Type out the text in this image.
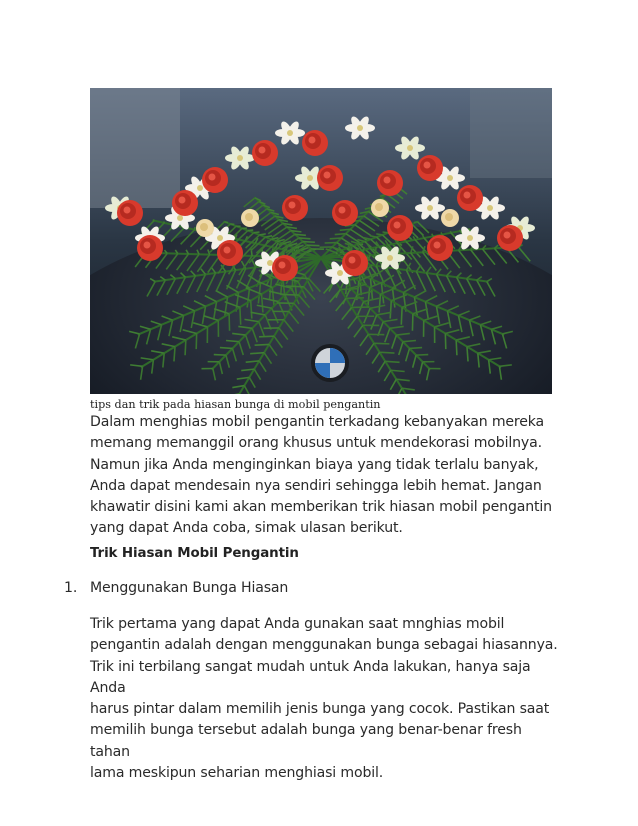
tips dan trik pada hiasan bunga di mobil pengantin

Dalam menghias mobil pengantin terkadang kebanyakan mereka
memang memanggil orang khusus untuk mendekorasi mobilnya.
Namun jika Anda menginginkan biaya yang tidak terlalu banyak,
Anda dapat mendesain nya sendiri sehingga lebih hemat. Jangan
khawatir disini kami akan memberikan trik hiasan mobil pengantin
yang dapat Anda coba, simak ulasan berikut.

Trik Hiasan Mobil Pengantin
1. Menggunakan Bunga Hiasan

Trik pertama yang dapat Anda gunakan saat mnghias mobil
pengantin adalah dengan menggunakan bunga sebagai hiasannya.
Trik ini terbilang sangat mudah untuk Anda lakukan, hanya saja Anda
harus pintar dalam memilih jenis bunga yang cocok. Pastikan saat
memilih bunga tersebut adalah bunga yang benar-benar fresh tahan
lama meskipun seharian menghiasi mobil.
